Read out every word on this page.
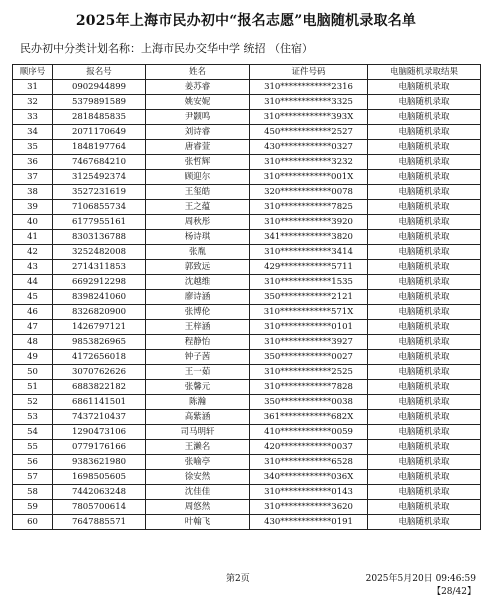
2025年上海市民办初中“报名志愿”电脑随机录取名单
民办初中分类计划名称：上海市民办交华中学 统招 （住宿）
顺序号	报名号	姓名	证件号码	电脑随机录取结果
31	0902944899	姜苏睿	310************2316	电脑随机录取
32	5379891589	姚安妮	310************3325	电脑随机录取
33	2818485835	尹颢鸣	310************393X	电脑随机录取
34	2071170649	刘诗睿	450************2527	电脑随机录取
35	1848197764	唐睿萱	430************0327	电脑随机录取
36	7467684210	张哲辉	310************3232	电脑随机录取
37	3125492374	顾迎尔	310************001X	电脑随机录取
38	3527231619	王玺皓	320************0078	电脑随机录取
39	7106855734	王之蕴	310************7825	电脑随机录取
40	6177955161	周秋彤	310************3920	电脑随机录取
41	8303136788	杨诗琪	341************3820	电脑随机录取
42	3252482008	张胤	310************3414	电脑随机录取
43	2714311853	郭致远	429************5711	电脑随机录取
44	6692912298	沈越维	310************1535	电脑随机录取
45	8398241060	廖诗涵	350************2121	电脑随机录取
46	8326820900	张博伦	310************571X	电脑随机录取
47	1426797121	王梓涵	310************0101	电脑随机录取
48	9853826965	程静怡	310************3927	电脑随机录取
49	4172656018	钟子茜	350************0027	电脑随机录取
50	3070762626	王一茹	310************2525	电脑随机录取
51	6883822182	张馨元	310************7828	电脑随机录取
52	6861141501	陈瀚	350************0038	电脑随机录取
53	7437210437	高紫涵	361************682X	电脑随机录取
54	1290473106	司马明轩	410************0059	电脑随机录取
55	0779176166	王濑名	420************0037	电脑随机录取
56	9383621980	张喻亭	310************6528	电脑随机录取
57	1698505605	徐安然	340************036X	电脑随机录取
58	7442063248	沈佳佳	310************0143	电脑随机录取
59	7805700614	周悠然	310************3620	电脑随机录取
60	7647885571	叶翰飞	430************0191	电脑随机录取
第2页	2025年5月20日 09:46:59
【28/42】
